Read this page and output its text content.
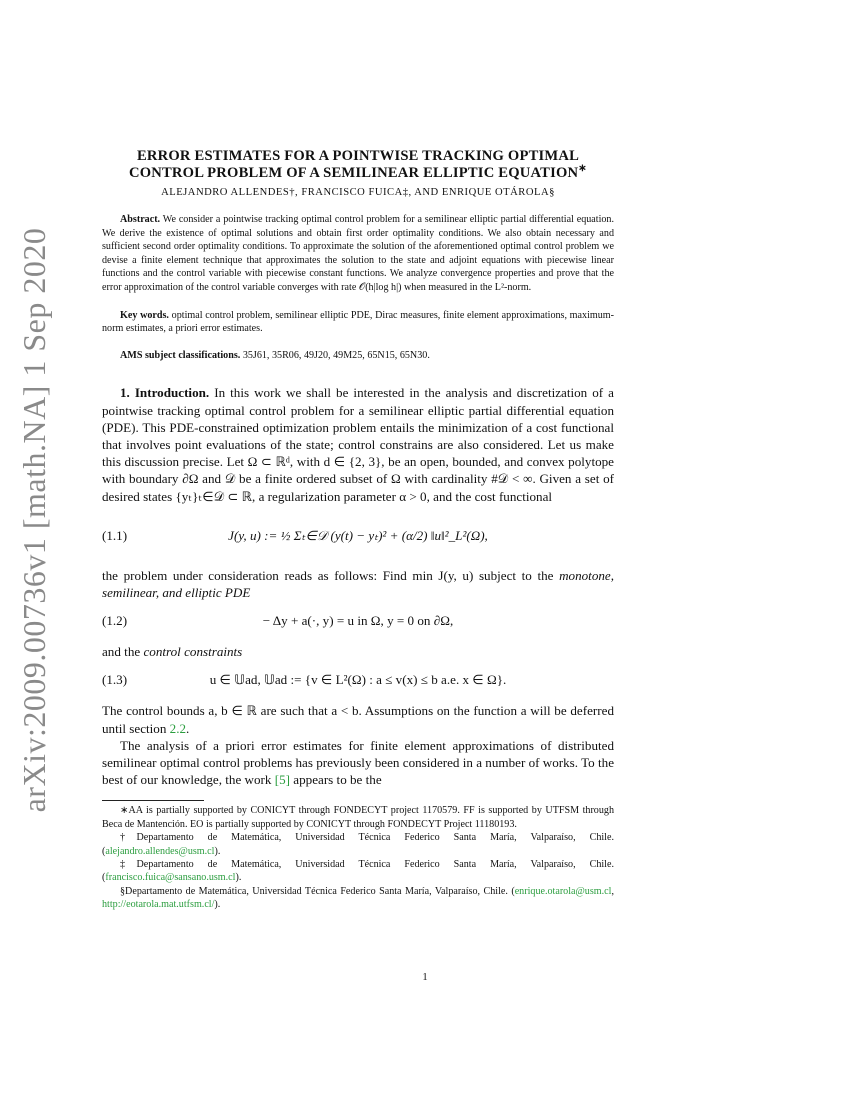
arXiv:2009.00736v1 [math.NA] 1 Sep 2020
ERROR ESTIMATES FOR A POINTWISE TRACKING OPTIMAL
CONTROL PROBLEM OF A SEMILINEAR ELLIPTIC EQUATION∗
ALEJANDRO ALLENDES†, FRANCISCO FUICA‡, AND ENRIQUE OTÁROLA§
Abstract. We consider a pointwise tracking optimal control problem for a semilinear elliptic partial differential equation. We derive the existence of optimal solutions and obtain first order optimality conditions. We also obtain necessary and sufficient second order optimality conditions. To approximate the solution of the aforementioned optimal control problem we devise a finite element technique that approximates the solution to the state and adjoint equations with piecewise linear functions and the control variable with piecewise constant functions. We analyze convergence properties and prove that the error approximation of the control variable converges with rate 𝒪(h|log h|) when measured in the L²-norm.
Key words. optimal control problem, semilinear elliptic PDE, Dirac measures, finite element approximations, maximum-norm estimates, a priori error estimates.
AMS subject classifications. 35J61, 35R06, 49J20, 49M25, 65N15, 65N30.
1. Introduction. In this work we shall be interested in the analysis and discretization of a pointwise tracking optimal control problem for a semilinear elliptic partial differential equation (PDE). This PDE-constrained optimization problem entails the minimization of a cost functional that involves point evaluations of the state; control constrains are also considered. Let us make this discussion precise. Let Ω ⊂ ℝᵈ, with d ∈ {2, 3}, be an open, bounded, and convex polytope with boundary ∂Ω and 𝒟 be a finite ordered subset of Ω with cardinality #𝒟 < ∞. Given a set of desired states {yₜ}ₜ∈𝒟 ⊂ ℝ, a regularization parameter α > 0, and the cost functional
(1.1)	J(y, u) := ½ Σₜ∈𝒟 (y(t) − yₜ)² + (α/2) ‖u‖²_L²(Ω),
the problem under consideration reads as follows: Find min J(y, u) subject to the monotone, semilinear, and elliptic PDE
(1.2)	− Δy + a(·, y) = u in Ω, y = 0 on ∂Ω,
and the control constraints
(1.3)	u ∈ 𝕌ad, 𝕌ad := {v ∈ L²(Ω) : a ≤ v(x) ≤ b a.e. x ∈ Ω}.
The control bounds a, b ∈ ℝ are such that a < b. Assumptions on the function a will be deferred until section 2.2.
The analysis of a priori error estimates for finite element approximations of distributed semilinear optimal control problems has previously been considered in a number of works. To the best of our knowledge, the work [5] appears to be the
∗AA is partially supported by CONICYT through FONDECYT project 1170579. FF is supported by UTFSM through Beca de Mantención. EO is partially supported by CONICYT through FONDECYT Project 11180193.
†Departamento de Matemática, Universidad Técnica Federico Santa María, Valparaíso, Chile. (alejandro.allendes@usm.cl).
‡Departamento de Matemática, Universidad Técnica Federico Santa María, Valparaíso, Chile. (francisco.fuica@sansano.usm.cl).
§Departamento de Matemática, Universidad Técnica Federico Santa María, Valparaíso, Chile. (enrique.otarola@usm.cl, http://eotarola.mat.utfsm.cl/).
1
